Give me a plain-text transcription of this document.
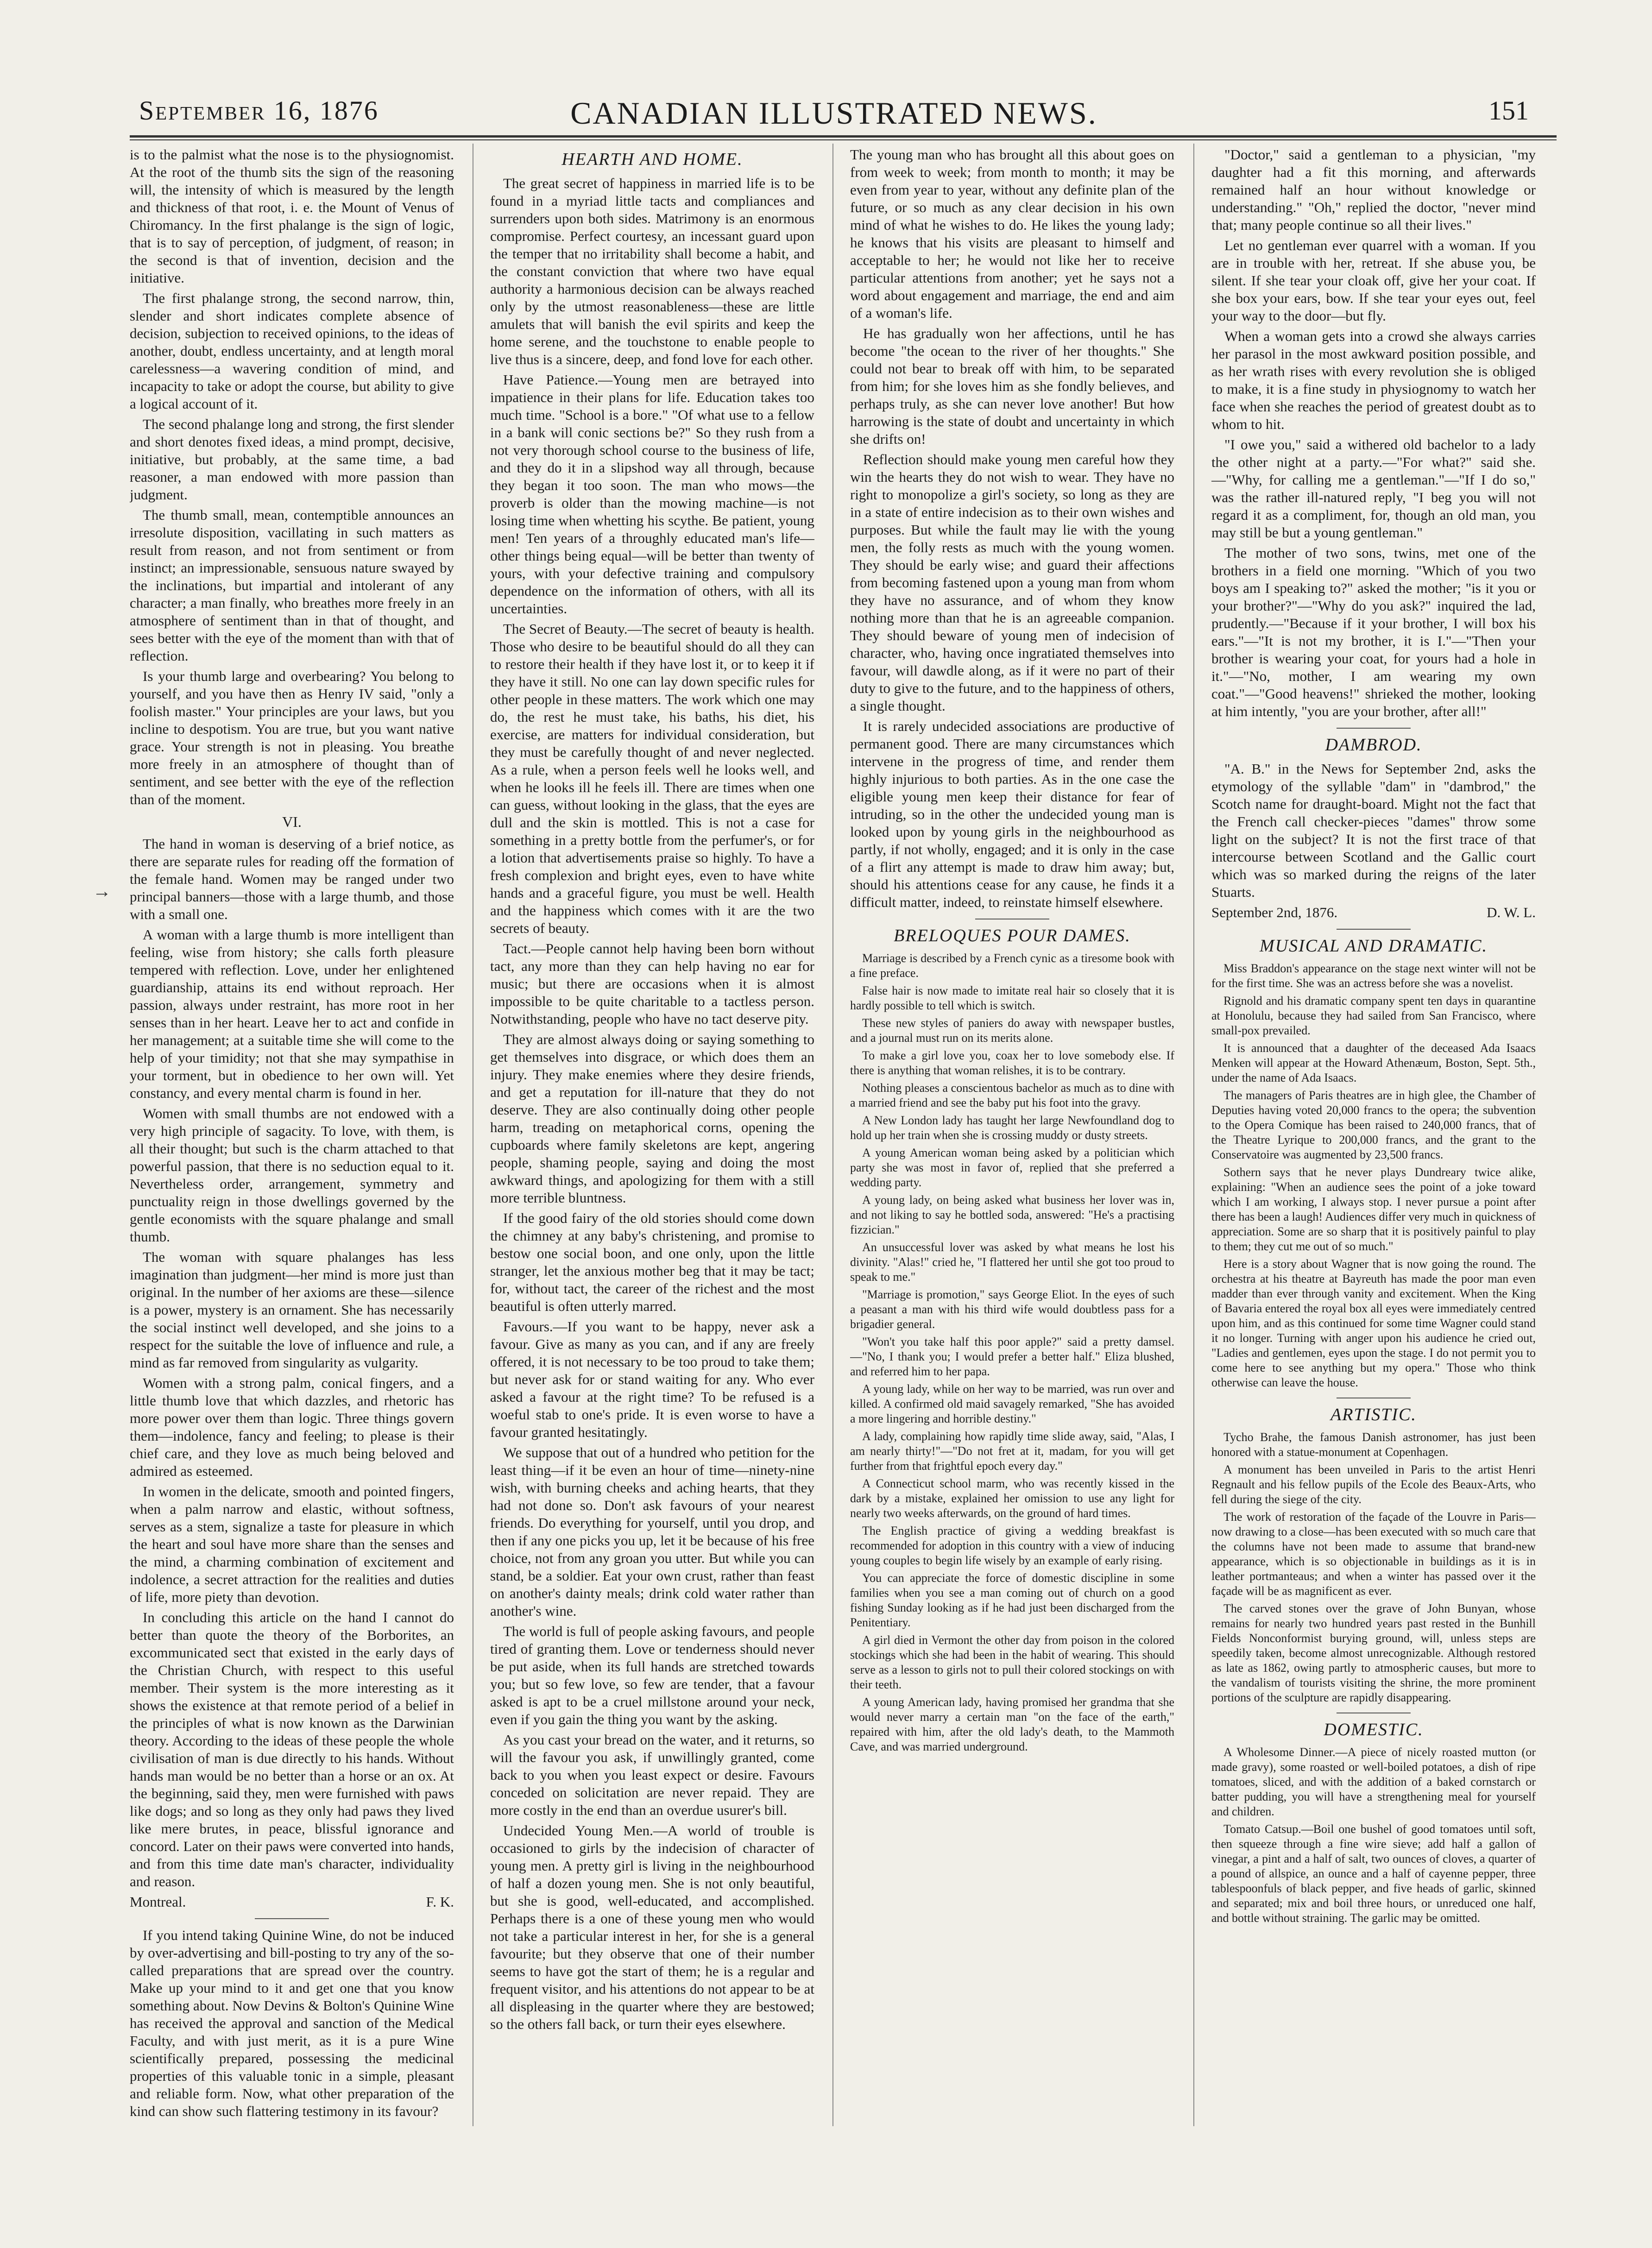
CANADIAN ILLUSTRATED NEWS.
September 16, 1876	151
→

is to the palmist what the nose is to the physiognomist. At the root of the thumb sits the sign of the reasoning will, the intensity of which is measured by the length and thickness of that root, i. e. the Mount of Venus of Chiromancy. In the first phalange is the sign of logic, that is to say of perception, of judgment, of reason; in the second is that of invention, decision and the initiative.

The first phalange strong, the second narrow, thin, slender and short indicates complete absence of decision, subjection to received opinions, to the ideas of another, doubt, endless uncertainty, and at length moral carelessness—a wavering condition of mind, and incapacity to take or adopt the course, but ability to give a logical account of it.

The second phalange long and strong, the first slender and short denotes fixed ideas, a mind prompt, decisive, initiative, but probably, at the same time, a bad reasoner, a man endowed with more passion than judgment.

The thumb small, mean, contemptible announces an irresolute disposition, vacillating in such matters as result from reason, and not from sentiment or from instinct; an impressionable, sensuous nature swayed by the inclinations, but impartial and intolerant of any character; a man finally, who breathes more freely in an atmosphere of sentiment than in that of thought, and sees better with the eye of the moment than with that of reflection.

Is your thumb large and overbearing? You belong to yourself, and you have then as Henry IV said, "only a foolish master." Your principles are your laws, but you incline to despotism. You are true, but you want native grace. Your strength is not in pleasing. You breathe more freely in an atmosphere of thought than of sentiment, and see better with the eye of the reflection than of the moment.

VI.

The hand in woman is deserving of a brief notice, as there are separate rules for reading off the formation of the female hand. Women may be ranged under two principal banners—those with a large thumb, and those with a small one.

A woman with a large thumb is more intelligent than feeling, wise from history; she calls forth pleasure tempered with reflection. Love, under her enlightened guardianship, attains its end without reproach. Her passion, always under restraint, has more root in her senses than in her heart. Leave her to act and confide in her management; at a suitable time she will come to the help of your timidity; not that she may sympathise in your torment, but in obedience to her own will. Yet constancy, and every mental charm is found in her.

Women with small thumbs are not endowed with a very high principle of sagacity. To love, with them, is all their thought; but such is the charm attached to that powerful passion, that there is no seduction equal to it. Nevertheless order, arrangement, symmetry and punctuality reign in those dwellings governed by the gentle economists with the square phalange and small thumb.

The woman with square phalanges has less imagination than judgment—her mind is more just than original. In the number of her axioms are these—silence is a power, mystery is an ornament. She has necessarily the social instinct well developed, and she joins to a respect for the suitable the love of influence and rule, a mind as far removed from singularity as vulgarity.

Women with a strong palm, conical fingers, and a little thumb love that which dazzles, and rhetoric has more power over them than logic. Three things govern them—indolence, fancy and feeling; to please is their chief care, and they love as much being beloved and admired as esteemed.

In women in the delicate, smooth and pointed fingers, when a palm narrow and elastic, without softness, serves as a stem, signalize a taste for pleasure in which the heart and soul have more share than the senses and the mind, a charming combination of excitement and indolence, a secret attraction for the realities and duties of life, more piety than devotion.

In concluding this article on the hand I cannot do better than quote the theory of the Borborites, an excommunicated sect that existed in the early days of the Christian Church, with respect to this useful member. Their system is the more interesting as it shows the existence at that remote period of a belief in the principles of what is now known as the Darwinian theory. According to the ideas of these people the whole civilisation of man is due directly to his hands. Without hands man would be no better than a horse or an ox. At the beginning, said they, men were furnished with paws like dogs; and so long as they only had paws they lived like mere brutes, in peace, blissful ignorance and concord. Later on their paws were converted into hands, and from this time date man's character, individuality and reason.

Montreal.	F. K.

If you intend taking Quinine Wine, do not be induced by over-advertising and bill-posting to try any of the so-called preparations that are spread over the country. Make up your mind to it and get one that you know something about. Now Devins & Bolton's Quinine Wine has received the approval and sanction of the Medical Faculty, and with just merit, as it is a pure Wine scientifically prepared, possessing the medicinal properties of this valuable tonic in a simple, pleasant and reliable form. Now, what other preparation of the kind can show such flattering testimony in its favour?

HEARTH AND HOME.

The great secret of happiness in married life is to be found in a myriad little tacts and compliances and surrenders upon both sides. Matrimony is an enormous compromise. Perfect courtesy, an incessant guard upon the temper that no irritability shall become a habit, and the constant conviction that where two have equal authority a harmonious decision can be always reached only by the utmost reasonableness—these are little amulets that will banish the evil spirits and keep the home serene, and the touchstone to enable people to live thus is a sincere, deep, and fond love for each other.

Have Patience.—Young men are betrayed into impatience in their plans for life. Education takes too much time. "School is a bore." "Of what use to a fellow in a bank will conic sections be?" So they rush from a not very thorough school course to the business of life, and they do it in a slipshod way all through, because they began it too soon. The man who mows—the proverb is older than the mowing machine—is not losing time when whetting his scythe. Be patient, young men! Ten years of a throughly educated man's life—other things being equal—will be better than twenty of yours, with your defective training and compulsory dependence on the information of others, with all its uncertainties.

The Secret of Beauty.—The secret of beauty is health. Those who desire to be beautiful should do all they can to restore their health if they have lost it, or to keep it if they have it still. No one can lay down specific rules for other people in these matters. The work which one may do, the rest he must take, his baths, his diet, his exercise, are matters for individual consideration, but they must be carefully thought of and never neglected. As a rule, when a person feels well he looks well, and when he looks ill he feels ill. There are times when one can guess, without looking in the glass, that the eyes are dull and the skin is mottled. This is not a case for something in a pretty bottle from the perfumer's, or for a lotion that advertisements praise so highly. To have a fresh complexion and bright eyes, even to have white hands and a graceful figure, you must be well. Health and the happiness which comes with it are the two secrets of beauty.

Tact.—People cannot help having been born without tact, any more than they can help having no ear for music; but there are occasions when it is almost impossible to be quite charitable to a tactless person. Notwithstanding, people who have no tact deserve pity.

They are almost always doing or saying something to get themselves into disgrace, or which does them an injury. They make enemies where they desire friends, and get a reputation for ill-nature that they do not deserve. They are also continually doing other people harm, treading on metaphorical corns, opening the cupboards where family skeletons are kept, angering people, shaming people, saying and doing the most awkward things, and apologizing for them with a still more terrible bluntness.

If the good fairy of the old stories should come down the chimney at any baby's christening, and promise to bestow one social boon, and one only, upon the little stranger, let the anxious mother beg that it may be tact; for, without tact, the career of the richest and the most beautiful is often utterly marred.

Favours.—If you want to be happy, never ask a favour. Give as many as you can, and if any are freely offered, it is not necessary to be too proud to take them; but never ask for or stand waiting for any. Who ever asked a favour at the right time? To be refused is a woeful stab to one's pride. It is even worse to have a favour granted hesitatingly.

We suppose that out of a hundred who petition for the least thing—if it be even an hour of time—ninety-nine wish, with burning cheeks and aching hearts, that they had not done so. Don't ask favours of your nearest friends. Do everything for yourself, until you drop, and then if any one picks you up, let it be because of his free choice, not from any groan you utter. But while you can stand, be a soldier. Eat your own crust, rather than feast on another's dainty meals; drink cold water rather than another's wine.

The world is full of people asking favours, and people tired of granting them. Love or tenderness should never be put aside, when its full hands are stretched towards you; but so few love, so few are tender, that a favour asked is apt to be a cruel millstone around your neck, even if you gain the thing you want by the asking.

As you cast your bread on the water, and it returns, so will the favour you ask, if unwillingly granted, come back to you when you least expect or desire. Favours conceded on solicitation are never repaid. They are more costly in the end than an overdue usurer's bill.

Undecided Young Men.—A world of trouble is occasioned to girls by the indecision of character of young men. A pretty girl is living in the neighbourhood of half a dozen young men. She is not only beautiful, but she is good, well-educated, and accomplished. Perhaps there is a one of these young men who would not take a particular interest in her, for she is a general favourite; but they observe that one of their number seems to have got the start of them; he is a regular and frequent visitor, and his attentions do not appear to be at all displeasing in the quarter where they are bestowed; so the others fall back, or turn their eyes elsewhere.

The young man who has brought all this about goes on from week to week; from month to month; it may be even from year to year, without any definite plan of the future, or so much as any clear decision in his own mind of what he wishes to do. He likes the young lady; he knows that his visits are pleasant to himself and acceptable to her; he would not like her to receive particular attentions from another; yet he says not a word about engagement and marriage, the end and aim of a woman's life.

He has gradually won her affections, until he has become "the ocean to the river of her thoughts." She could not bear to break off with him, to be separated from him; for she loves him as she fondly believes, and perhaps truly, as she can never love another! But how harrowing is the state of doubt and uncertainty in which she drifts on!

Reflection should make young men careful how they win the hearts they do not wish to wear. They have no right to monopolize a girl's society, so long as they are in a state of entire indecision as to their own wishes and purposes. But while the fault may lie with the young men, the folly rests as much with the young women. They should be early wise; and guard their affections from becoming fastened upon a young man from whom they have no assurance, and of whom they know nothing more than that he is an agreeable companion. They should beware of young men of indecision of character, who, having once ingratiated themselves into favour, will dawdle along, as if it were no part of their duty to give to the future, and to the happiness of others, a single thought.

It is rarely undecided associations are productive of permanent good. There are many circumstances which intervene in the progress of time, and render them highly injurious to both parties. As in the one case the eligible young men keep their distance for fear of intruding, so in the other the undecided young man is looked upon by young girls in the neighbourhood as partly, if not wholly, engaged; and it is only in the case of a flirt any attempt is made to draw him away; but, should his attentions cease for any cause, he finds it a difficult matter, indeed, to reinstate himself elsewhere.

BRELOQUES POUR DAMES.

Marriage is described by a French cynic as a tiresome book with a fine preface.

False hair is now made to imitate real hair so closely that it is hardly possible to tell which is switch.

These new styles of paniers do away with newspaper bustles, and a journal must run on its merits alone.

To make a girl love you, coax her to love somebody else. If there is anything that woman relishes, it is to be contrary.

Nothing pleases a conscientous bachelor as much as to dine with a married friend and see the baby put his foot into the gravy.

A New London lady has taught her large Newfoundland dog to hold up her train when she is crossing muddy or dusty streets.

A young American woman being asked by a politician which party she was most in favor of, replied that she preferred a wedding party.

A young lady, on being asked what business her lover was in, and not liking to say he bottled soda, answered: "He's a practising fizzician."

An unsuccessful lover was asked by what means he lost his divinity. "Alas!" cried he, "I flattered her until she got too proud to speak to me."

"Marriage is promotion," says George Eliot. In the eyes of such a peasant a man with his third wife would doubtless pass for a brigadier general.

"Won't you take half this poor apple?" said a pretty damsel.—"No, I thank you; I would prefer a better half." Eliza blushed, and referred him to her papa.

A young lady, while on her way to be married, was run over and killed. A confirmed old maid savagely remarked, "She has avoided a more lingering and horrible destiny."

A lady, complaining how rapidly time slide away, said, "Alas, I am nearly thirty!"—"Do not fret at it, madam, for you will get further from that frightful epoch every day."

A Connecticut school marm, who was recently kissed in the dark by a mistake, explained her omission to use any light for nearly two weeks afterwards, on the ground of hard times.

The English practice of giving a wedding breakfast is recommended for adoption in this country with a view of inducing young couples to begin life wisely by an example of early rising.

You can appreciate the force of domestic discipline in some families when you see a man coming out of church on a good fishing Sunday looking as if he had just been discharged from the Penitentiary.

A girl died in Vermont the other day from poison in the colored stockings which she had been in the habit of wearing. This should serve as a lesson to girls not to pull their colored stockings on with their teeth.

A young American lady, having promised her grandma that she would never marry a certain man "on the face of the earth," repaired with him, after the old lady's death, to the Mammoth Cave, and was married underground.

"Doctor," said a gentleman to a physician, "my daughter had a fit this morning, and afterwards remained half an hour without knowledge or understanding." "Oh," replied the doctor, "never mind that; many people continue so all their lives."

Let no gentleman ever quarrel with a woman. If you are in trouble with her, retreat. If she abuse you, be silent. If she tear your cloak off, give her your coat. If she box your ears, bow. If she tear your eyes out, feel your way to the door—but fly.

When a woman gets into a crowd she always carries her parasol in the most awkward position possible, and as her wrath rises with every revolution she is obliged to make, it is a fine study in physiognomy to watch her face when she reaches the period of greatest doubt as to whom to hit.

"I owe you," said a withered old bachelor to a lady the other night at a party.—"For what?" said she.—"Why, for calling me a gentleman."—"If I do so," was the rather ill-natured reply, "I beg you will not regard it as a compliment, for, though an old man, you may still be but a young gentleman."

The mother of two sons, twins, met one of the brothers in a field one morning. "Which of you two boys am I speaking to?" asked the mother; "is it you or your brother?"—"Why do you ask?" inquired the lad, prudently.—"Because if it your brother, I will box his ears."—"It is not my brother, it is I."—"Then your brother is wearing your coat, for yours had a hole in it."—"No, mother, I am wearing my own coat."—"Good heavens!" shrieked the mother, looking at him intently, "you are your brother, after all!"

DAMBROD.

"A. B." in the News for September 2nd, asks the etymology of the syllable "dam" in "dambrod," the Scotch name for draught-board. Might not the fact that the French call checker-pieces "dames" throw some light on the subject? It is not the first trace of that intercourse between Scotland and the Gallic court which was so marked during the reigns of the later Stuarts.

September 2nd, 1876.	D. W. L.
MUSICAL AND DRAMATIC.

Miss Braddon's appearance on the stage next winter will not be for the first time. She was an actress before she was a novelist.

Rignold and his dramatic company spent ten days in quarantine at Honolulu, because they had sailed from San Francisco, where small-pox prevailed.

It is announced that a daughter of the deceased Ada Isaacs Menken will appear at the Howard Athenæum, Boston, Sept. 5th., under the name of Ada Isaacs.

The managers of Paris theatres are in high glee, the Chamber of Deputies having voted 20,000 francs to the opera; the subvention to the Opera Comique has been raised to 240,000 francs, that of the Theatre Lyrique to 200,000 francs, and the grant to the Conservatoire was augmented by 23,500 francs.

Sothern says that he never plays Dundreary twice alike, explaining: "When an audience sees the point of a joke toward which I am working, I always stop. I never pursue a point after there has been a laugh! Audiences differ very much in quickness of appreciation. Some are so sharp that it is positively painful to play to them; they cut me out of so much."

Here is a story about Wagner that is now going the round. The orchestra at his theatre at Bayreuth has made the poor man even madder than ever through vanity and excitement. When the King of Bavaria entered the royal box all eyes were immediately centred upon him, and as this continued for some time Wagner could stand it no longer. Turning with anger upon his audience he cried out, "Ladies and gentlemen, eyes upon the stage. I do not permit you to come here to see anything but my opera." Those who think otherwise can leave the house.

ARTISTIC.

Tycho Brahe, the famous Danish astronomer, has just been honored with a statue-monument at Copenhagen.

A monument has been unveiled in Paris to the artist Henri Regnault and his fellow pupils of the Ecole des Beaux-Arts, who fell during the siege of the city.

The work of restoration of the façade of the Louvre in Paris—now drawing to a close—has been executed with so much care that the columns have not been made to assume that brand-new appearance, which is so objectionable in buildings as it is in leather portmanteaus; and when a winter has passed over it the façade will be as magnificent as ever.

The carved stones over the grave of John Bunyan, whose remains for nearly two hundred years past rested in the Bunhill Fields Nonconformist burying ground, will, unless steps are speedily taken, become almost unrecognizable. Although restored as late as 1862, owing partly to atmospheric causes, but more to the vandalism of tourists visiting the shrine, the more prominent portions of the sculpture are rapidly disappearing.

DOMESTIC.

A Wholesome Dinner.—A piece of nicely roasted mutton (or made gravy), some roasted or well-boiled potatoes, a dish of ripe tomatoes, sliced, and with the addition of a baked cornstarch or batter pudding, you will have a strengthening meal for yourself and children.

Tomato Catsup.—Boil one bushel of good tomatoes until soft, then squeeze through a fine wire sieve; add half a gallon of vinegar, a pint and a half of salt, two ounces of cloves, a quarter of a pound of allspice, an ounce and a half of cayenne pepper, three tablespoonfuls of black pepper, and five heads of garlic, skinned and separated; mix and boil three hours, or unreduced one half, and bottle without straining. The garlic may be omitted.
